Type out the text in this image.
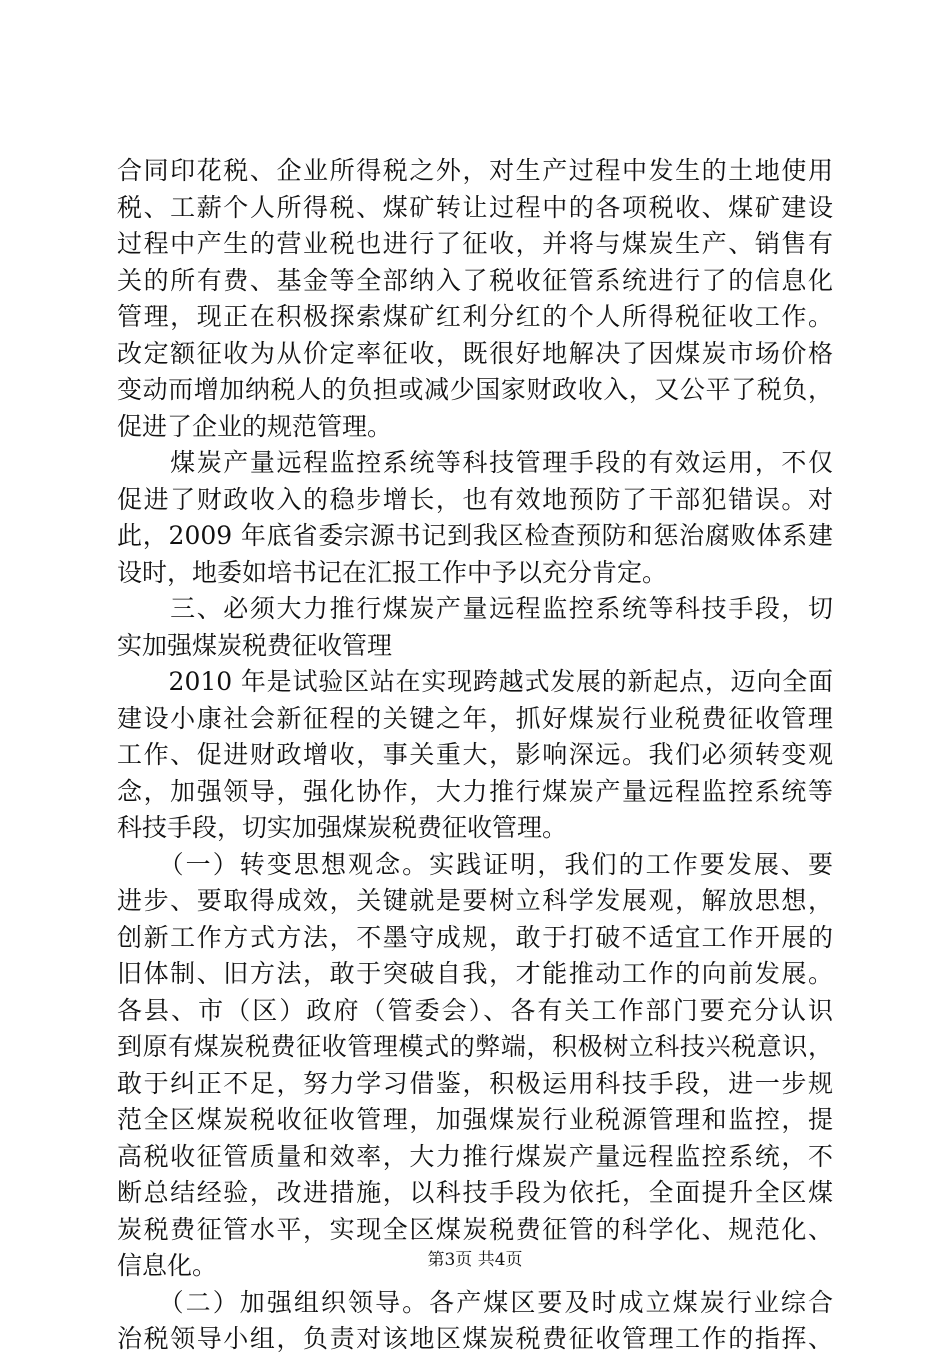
合同印花税、企业所得税之外，对生产过程中发生的土地使用
税、工薪个人所得税、煤矿转让过程中的各项税收、煤矿建设
过程中产生的营业税也进行了征收，并将与煤炭生产、销售有
关的所有费、基金等全部纳入了税收征管系统进行了的信息化
管理，现正在积极探索煤矿红利分红的个人所得税征收工作。
改定额征收为从价定率征收，既很好地解决了因煤炭市场价格
变动而增加纳税人的负担或减少国家财政收入，又公平了税负，
促进了企业的规范管理。
　　煤炭产量远程监控系统等科技管理手段的有效运用，不仅
促进了财政收入的稳步增长，也有效地预防了干部犯错误。对
此，2009 年底省委宗源书记到我区检查预防和惩治腐败体系建
设时，地委如培书记在汇报工作中予以充分肯定。
　　三、必须大力推行煤炭产量远程监控系统等科技手段，切
实加强煤炭税费征收管理
　　2010 年是试验区站在实现跨越式发展的新起点，迈向全面
建设小康社会新征程的关键之年，抓好煤炭行业税费征收管理
工作、促进财政增收，事关重大，影响深远。我们必须转变观
念，加强领导，强化协作，大力推行煤炭产量远程监控系统等
科技手段，切实加强煤炭税费征收管理。
　　（一）转变思想观念。实践证明，我们的工作要发展、要
进步、要取得成效，关键就是要树立科学发展观，解放思想，
创新工作方式方法，不墨守成规，敢于打破不适宜工作开展的
旧体制、旧方法，敢于突破自我，才能推动工作的向前发展。
各县、市（区）政府（管委会）、各有关工作部门要充分认识
到原有煤炭税费征收管理模式的弊端，积极树立科技兴税意识，
敢于纠正不足，努力学习借鉴，积极运用科技手段，进一步规
范全区煤炭税收征收管理，加强煤炭行业税源管理和监控，提
高税收征管质量和效率，大力推行煤炭产量远程监控系统，不
断总结经验，改进措施，以科技手段为依托，全面提升全区煤
炭税费征管水平，实现全区煤炭税费征管的科学化、规范化、
信息化。
　　（二）加强组织领导。各产煤区要及时成立煤炭行业综合
治税领导小组，负责对该地区煤炭税费征收管理工作的指挥、
第3页 共4页
